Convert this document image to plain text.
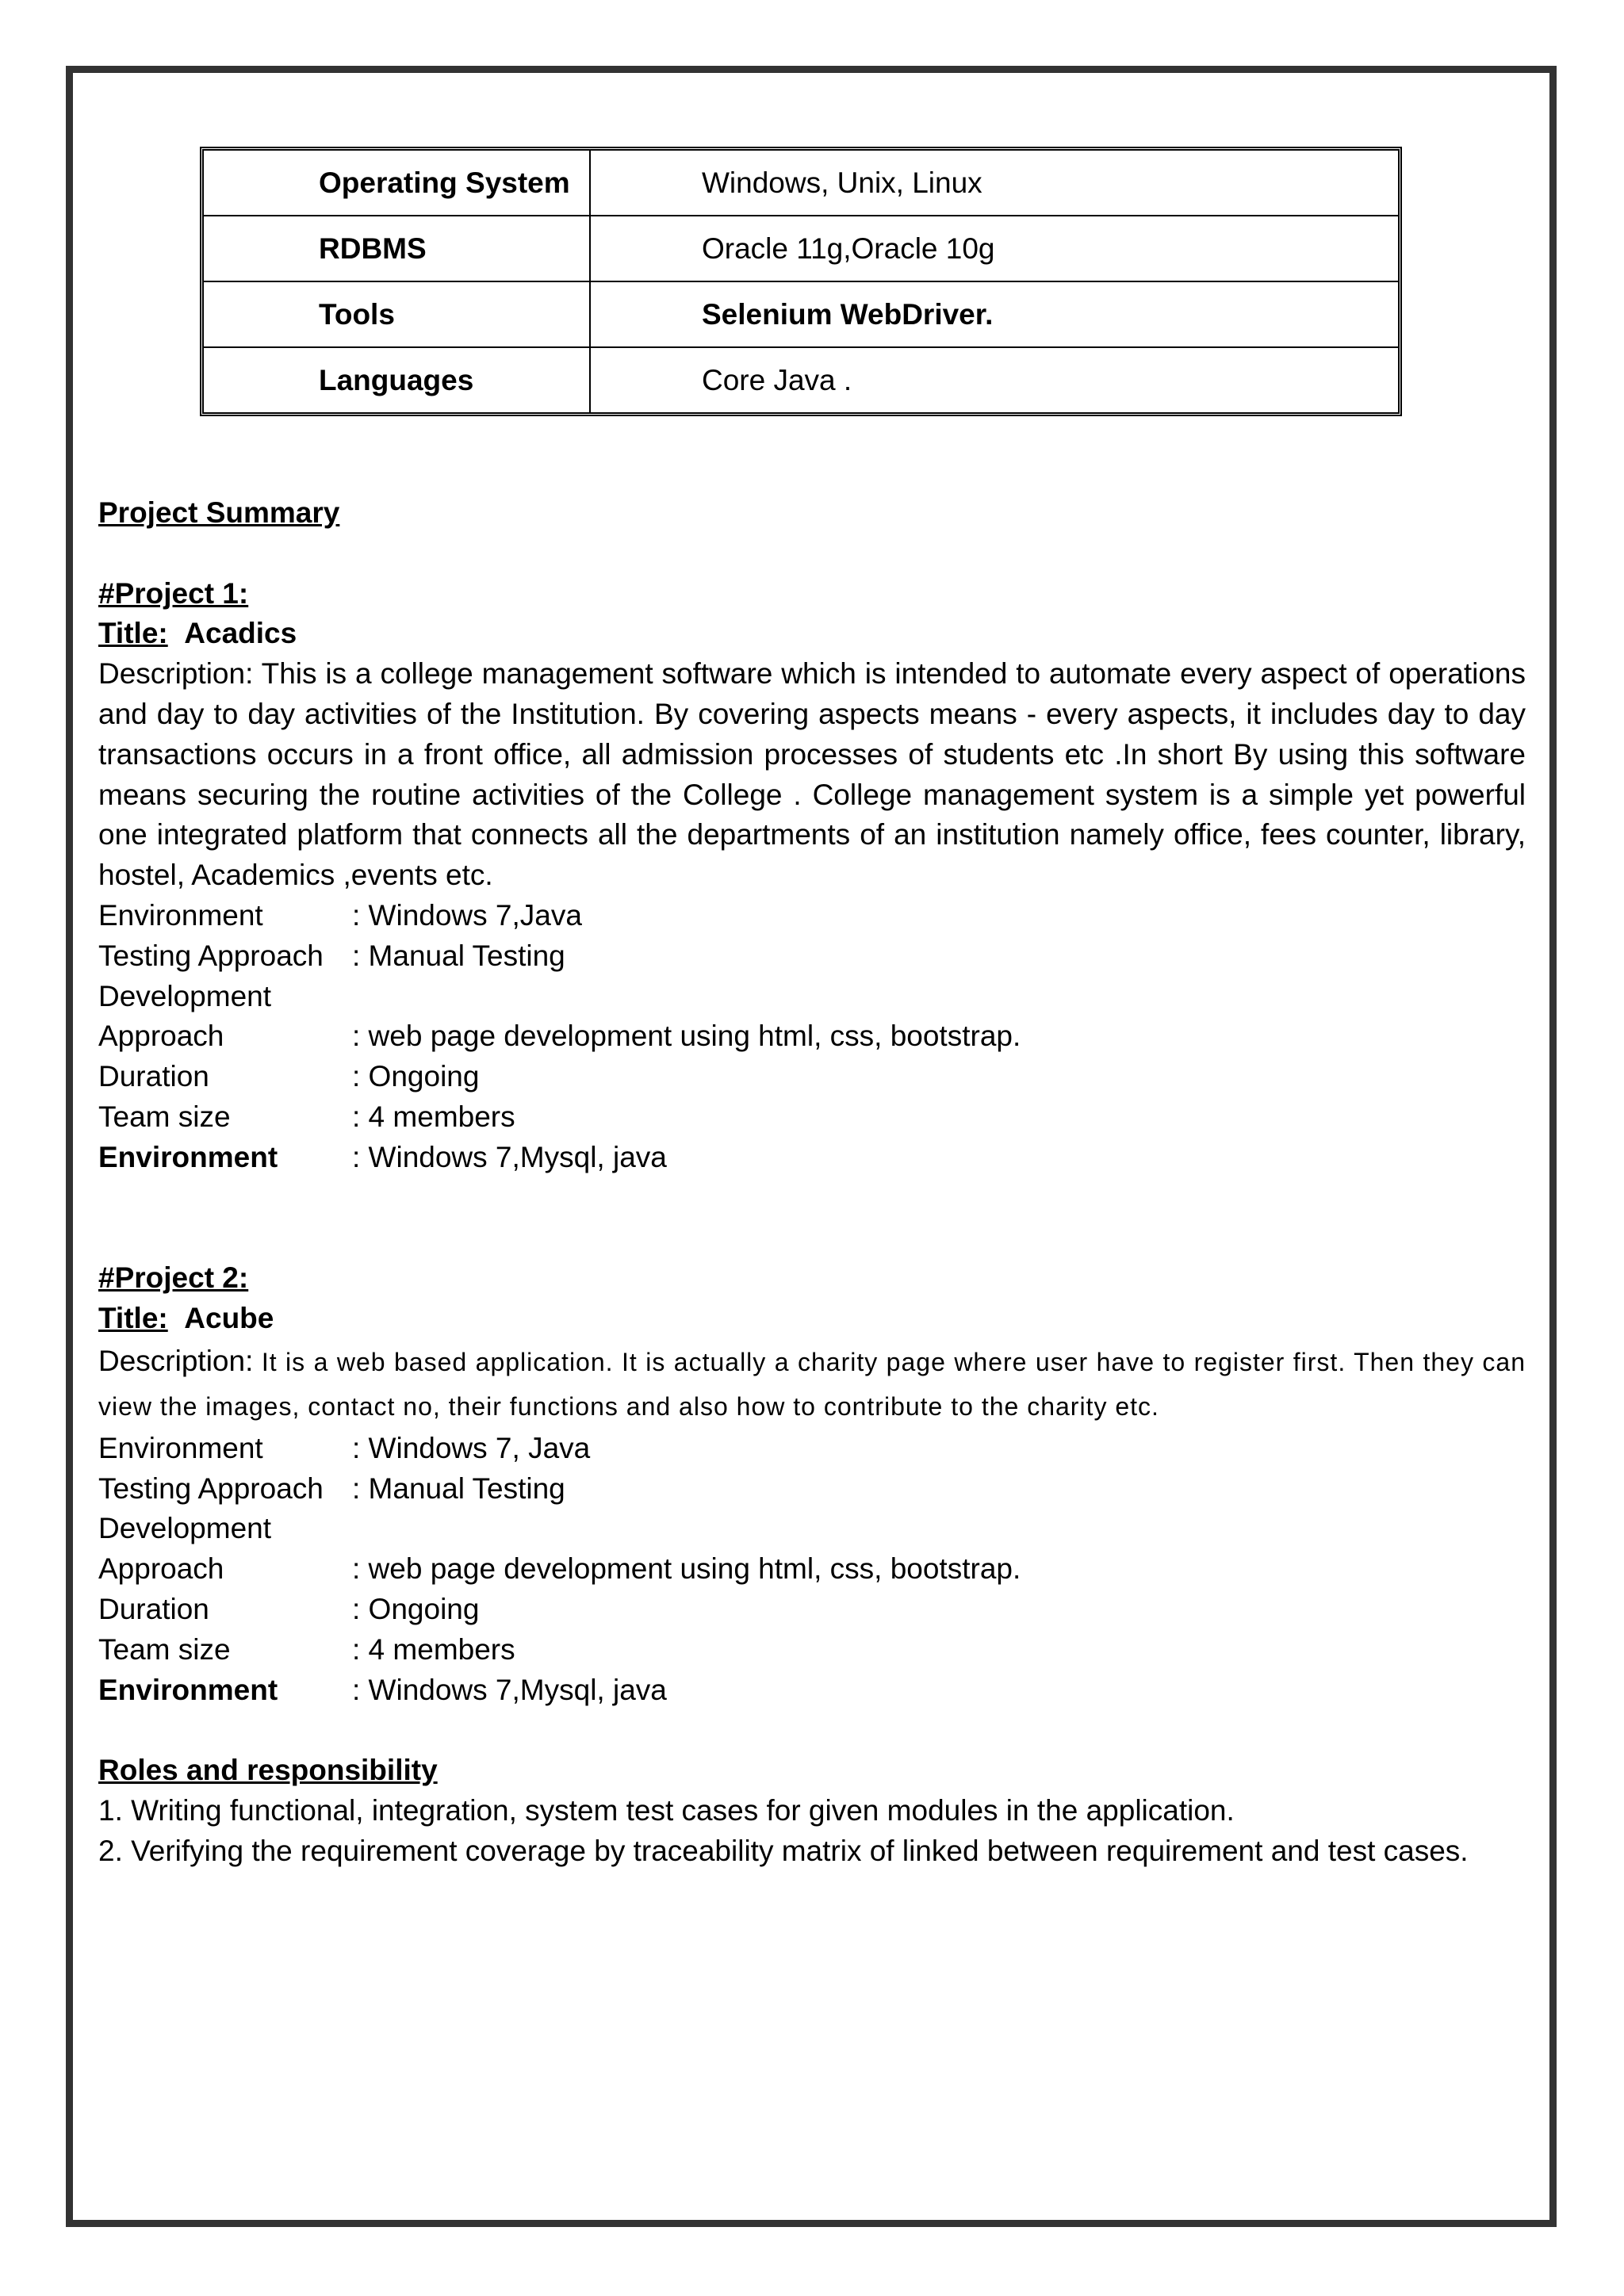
Operating System	Windows, Unix, Linux
RDBMS	Oracle 11g,Oracle 10g
Tools	Selenium WebDriver.
Languages	Core Java .
Project Summary
#Project 1:
Title: Acadics
Description: This is a college management software which is intended to automate every aspect of operations and day to day activities of the Institution. By covering aspects means - every aspects, it includes day to day transactions occurs in a front office, all admission processes of students etc .In short By using this software means securing the routine activities of the College . College management system is a simple yet powerful one integrated platform that connects all the departments of an institution namely office, fees counter, library, hostel, Academics ,events etc.
Environment	: Windows 7,Java
Testing Approach : Manual Testing
Development
Approach	: web page development using html, css, bootstrap.
Duration	: Ongoing
Team size	: 4 members
Environment	: Windows 7,Mysql, java
#Project 2:
Title: Acube
Description: It is a web based application. It is actually a charity page where user have to register first. Then they can view the images, contact no, their functions and also how to contribute to the charity etc.
Environment	: Windows 7, Java
Testing Approach : Manual Testing
Development
Approach	: web page development using html, css, bootstrap.
Duration	: Ongoing
Team size	: 4 members
Environment	: Windows 7,Mysql, java
Roles and responsibility
1. Writing functional, integration, system test cases for given modules in the application.
2. Verifying the requirement coverage by traceability matrix of linked between requirement and test cases.
